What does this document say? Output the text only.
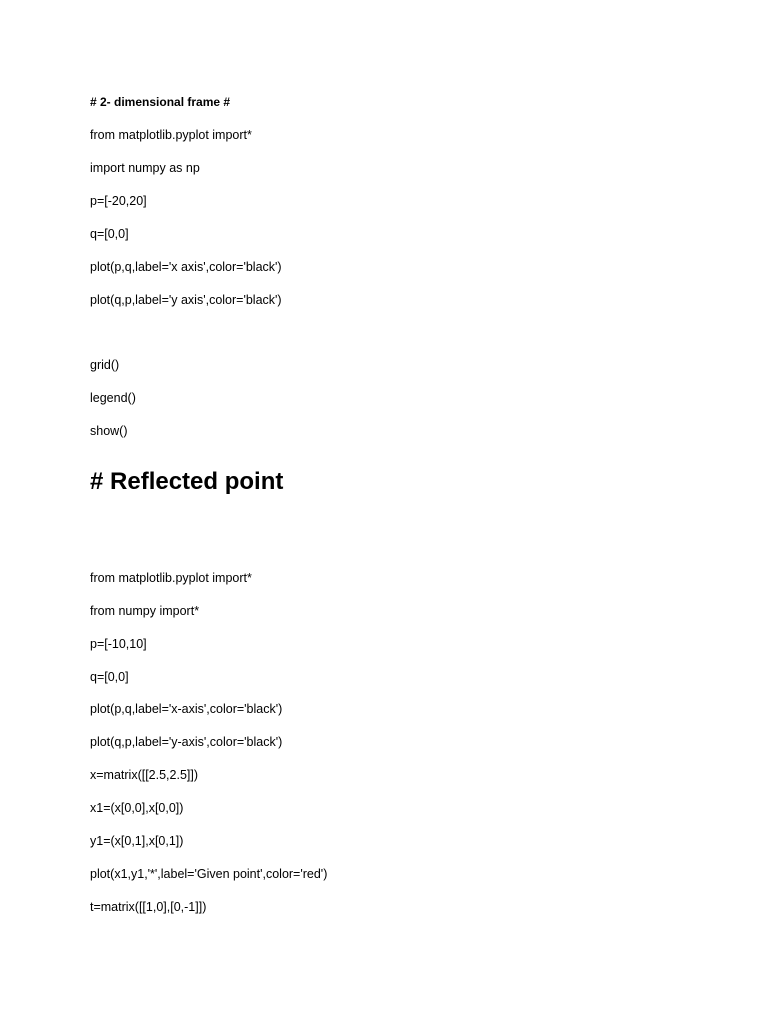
# 2- dimensional frame #
from matplotlib.pyplot import*
import numpy as np
p=[-20,20]
q=[0,0]
plot(p,q,label='x axis',color='black')
plot(q,p,label='y axis',color='black')
grid()
legend()
show()
# Reflected point
from matplotlib.pyplot import*
from numpy import*
p=[-10,10]
q=[0,0]
plot(p,q,label='x-axis',color='black')
plot(q,p,label='y-axis',color='black')
x=matrix([[2.5,2.5]])
x1=(x[0,0],x[0,0])
y1=(x[0,1],x[0,1])
plot(x1,y1,'*',label='Given point',color='red')
t=matrix([[1,0],[0,-1]])
